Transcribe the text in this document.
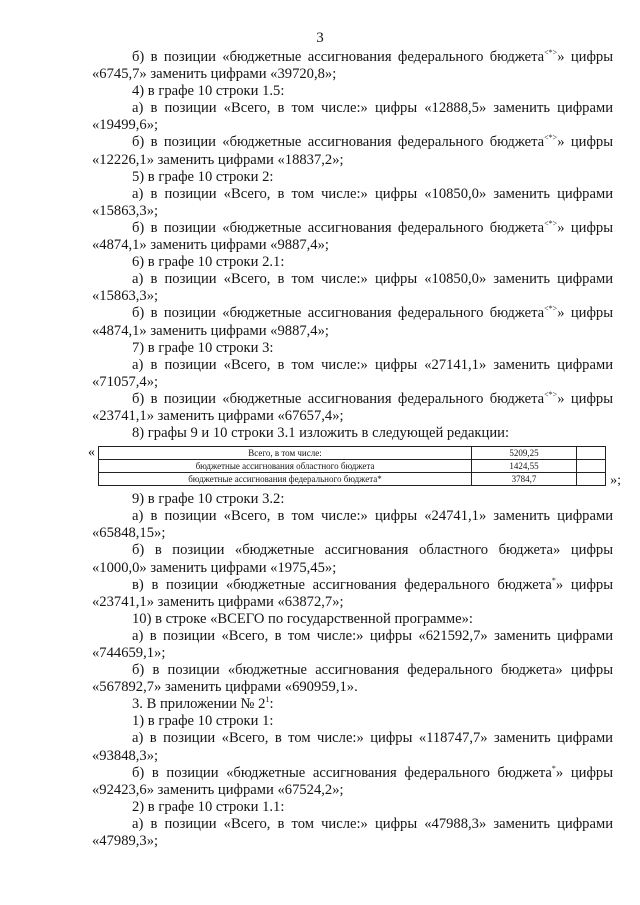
3

б) в позиции «бюджетные ассигнования федерального бюджета<*>» цифры «6745,7» заменить цифрами «39720,8»;

4) в графе 10 строки 1.5:

а) в позиции «Всего, в том числе:» цифры «12888,5» заменить цифрами «19499,6»;

б) в позиции «бюджетные ассигнования федерального бюджета<*>» цифры «12226,1» заменить цифрами «18837,2»;

5) в графе 10 строки 2:

а) в позиции «Всего, в том числе:» цифры «10850,0» заменить цифрами «15863,3»;

б) в позиции «бюджетные ассигнования федерального бюджета<*>» цифры «4874,1» заменить цифрами «9887,4»;

6) в графе 10 строки 2.1:

а) в позиции «Всего, в том числе:» цифры «10850,0» заменить цифрами «15863,3»;

б) в позиции «бюджетные ассигнования федерального бюджета<*>» цифры «4874,1» заменить цифрами «9887,4»;

7) в графе 10 строки 3:

а) в позиции «Всего, в том числе:» цифры «27141,1» заменить цифрами «71057,4»;

б) в позиции «бюджетные ассигнования федерального бюджета<*>» цифры «23741,1» заменить цифрами «67657,4»;

8) графы 9 и 10 строки 3.1 изложить в следующей редакции:

«	Всего, в том числе:	5209,25	
бюджетные ассигнования областного бюджета	1424,55	
бюджетные ассигнования федерального бюджета*	3784,7		»;

9) в графе 10 строки 3.2:

а) в позиции «Всего, в том числе:» цифры «24741,1» заменить цифрами «65848,15»;

б) в позиции «бюджетные ассигнования областного бюджета» цифры «1000,0» заменить цифрами «1975,45»;

в) в позиции «бюджетные ассигнования федерального бюджета*» цифры «23741,1» заменить цифрами «63872,7»;

10) в строке «ВСЕГО по государственной программе»:

а) в позиции «Всего, в том числе:» цифры «621592,7» заменить цифрами «744659,1»;

б) в позиции «бюджетные ассигнования федерального бюджета» цифры «567892,7» заменить цифрами «690959,1».

3. В приложении № $2^1$:

1) в графе 10 строки 1:

а) в позиции «Всего, в том числе:» цифры «118747,7» заменить цифрами «93848,3»;

б) в позиции «бюджетные ассигнования федерального бюджета*» цифры «92423,6» заменить цифрами «67524,2»;

2) в графе 10 строки 1.1:

а) в позиции «Всего, в том числе:» цифры «47988,3» заменить цифрами «47989,3»;
